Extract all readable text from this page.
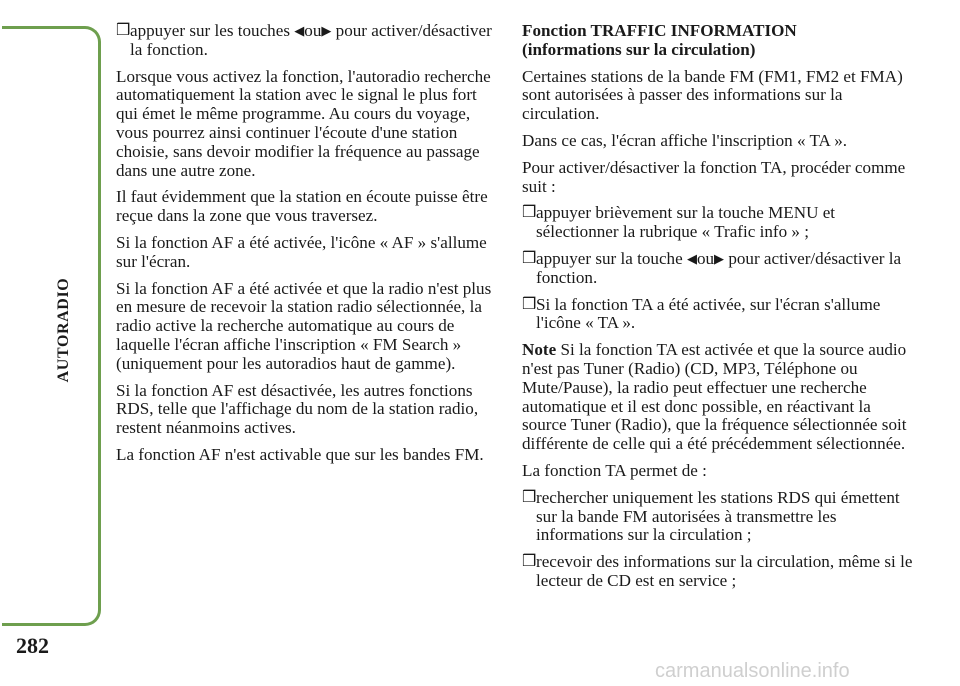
AUTORADIO
282

❒ appuyer sur les touches ◀ou▶ pour activer/désactiver la fonction.

Lorsque vous activez la fonction, l'autoradio recherche automatiquement la station avec le signal le plus fort qui émet le même programme. Au cours du voyage, vous pourrez ainsi continuer l'écoute d'une station choisie, sans devoir modifier la fréquence au passage dans une autre zone.

Il faut évidemment que la station en écoute puisse être reçue dans la zone que vous traversez.

Si la fonction AF a été activée, l'icône « AF » s'allume sur l'écran.

Si la fonction AF a été activée et que la radio n'est plus en mesure de recevoir la station radio sélectionnée, la radio active la recherche automatique au cours de laquelle l'écran affiche l'inscription « FM Search » (uniquement pour les autoradios haut de gamme).

Si la fonction AF est désactivée, les autres fonctions RDS, telle que l'affichage du nom de la station radio, restent néanmoins actives.

La fonction AF n'est activable que sur les bandes FM.

Fonction TRAFFIC INFORMATION
(informations sur la circulation)

Certaines stations de la bande FM (FM1, FM2 et FMA) sont autorisées à passer des informations sur la circulation.

Dans ce cas, l'écran affiche l'inscription « TA ».

Pour activer/désactiver la fonction TA, procéder comme suit :

❒ appuyer brièvement sur la touche MENU et sélectionner la rubrique « Trafic info » ;

❒ appuyer sur la touche ◀ou▶ pour activer/désactiver la fonction.

❒ Si la fonction TA a été activée, sur l'écran s'allume l'icône « TA ».

Note Si la fonction TA est activée et que la source audio n'est pas Tuner (Radio) (CD, MP3, Téléphone ou Mute/Pause), la radio peut effectuer une recherche automatique et il est donc possible, en réactivant la source Tuner (Radio), que la fréquence sélectionnée soit différente de celle qui a été précédemment sélectionnée.

La fonction TA permet de :

❒ rechercher uniquement les stations RDS qui émettent sur la bande FM autorisées à transmettre les informations sur la circulation ;

❒ recevoir des informations sur la circulation, même si le lecteur de CD est en service ;

carmanualsonline.info
